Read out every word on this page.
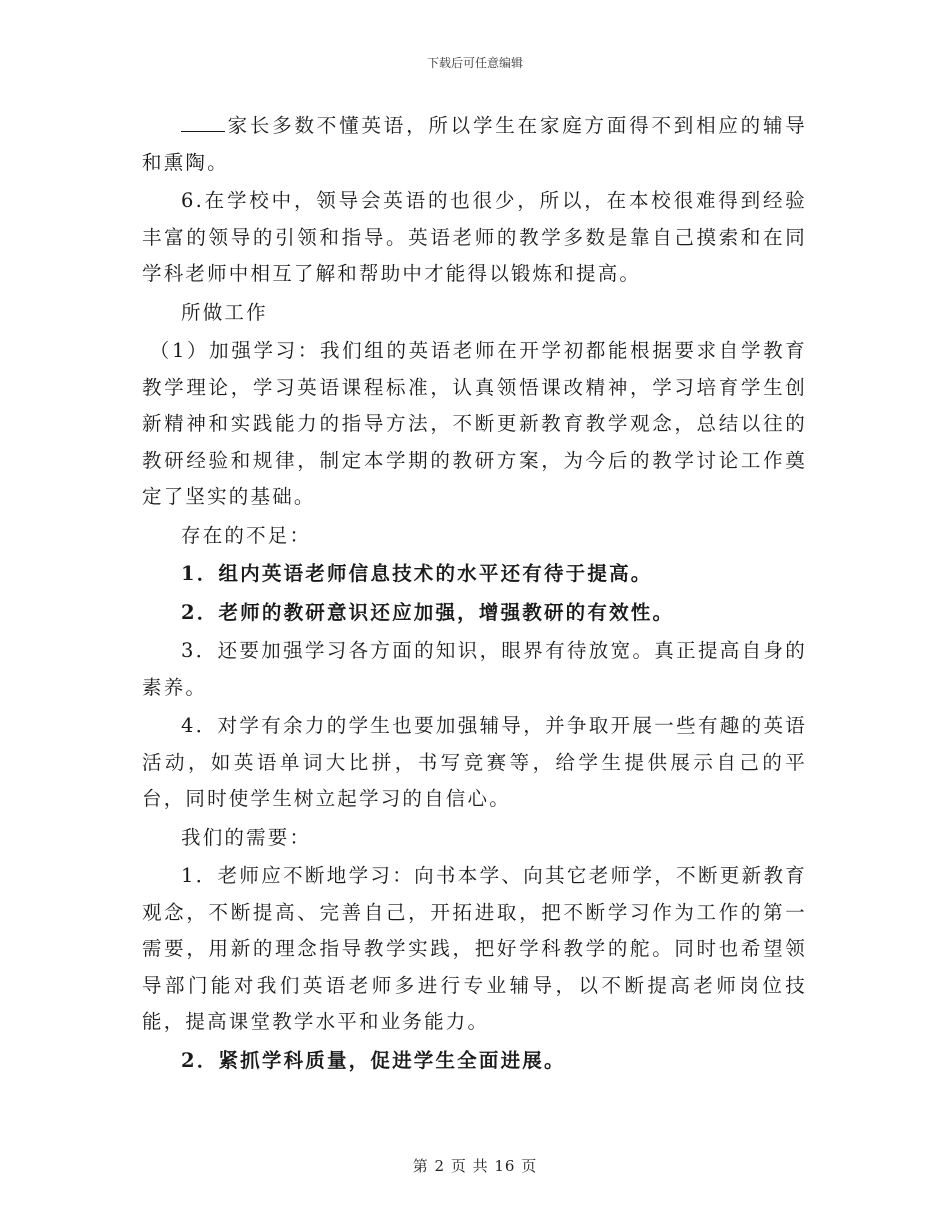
下载后可任意编辑

家长多数不懂英语，所以学生在家庭方面得不到相应的辅导和熏陶。

6.在学校中，领导会英语的也很少，所以，在本校很难得到经验丰富的领导的引领和指导。英语老师的教学多数是靠自己摸索和在同学科老师中相互了解和帮助中才能得以锻炼和提高。

所做工作

（1）加强学习：我们组的英语老师在开学初都能根据要求自学教育教学理论，学习英语课程标准，认真领悟课改精神，学习培育学生创新精神和实践能力的指导方法，不断更新教育教学观念，总结以往的教研经验和规律，制定本学期的教研方案，为今后的教学讨论工作奠定了坚实的基础。

存在的不足：

1．组内英语老师信息技术的水平还有待于提高。

2．老师的教研意识还应加强，增强教研的有效性。

3．还要加强学习各方面的知识，眼界有待放宽。真正提高自身的素养。

4．对学有余力的学生也要加强辅导，并争取开展一些有趣的英语活动，如英语单词大比拼，书写竞赛等，给学生提供展示自己的平台，同时使学生树立起学习的自信心。

我们的需要：

1．老师应不断地学习：向书本学、向其它老师学，不断更新教育观念，不断提高、完善自己，开拓进取，把不断学习作为工作的第一需要，用新的理念指导教学实践，把好学科教学的舵。同时也希望领导部门能对我们英语老师多进行专业辅导，以不断提高老师岗位技能，提高课堂教学水平和业务能力。

2．紧抓学科质量，促进学生全面进展。

第 2 页 共 16 页
